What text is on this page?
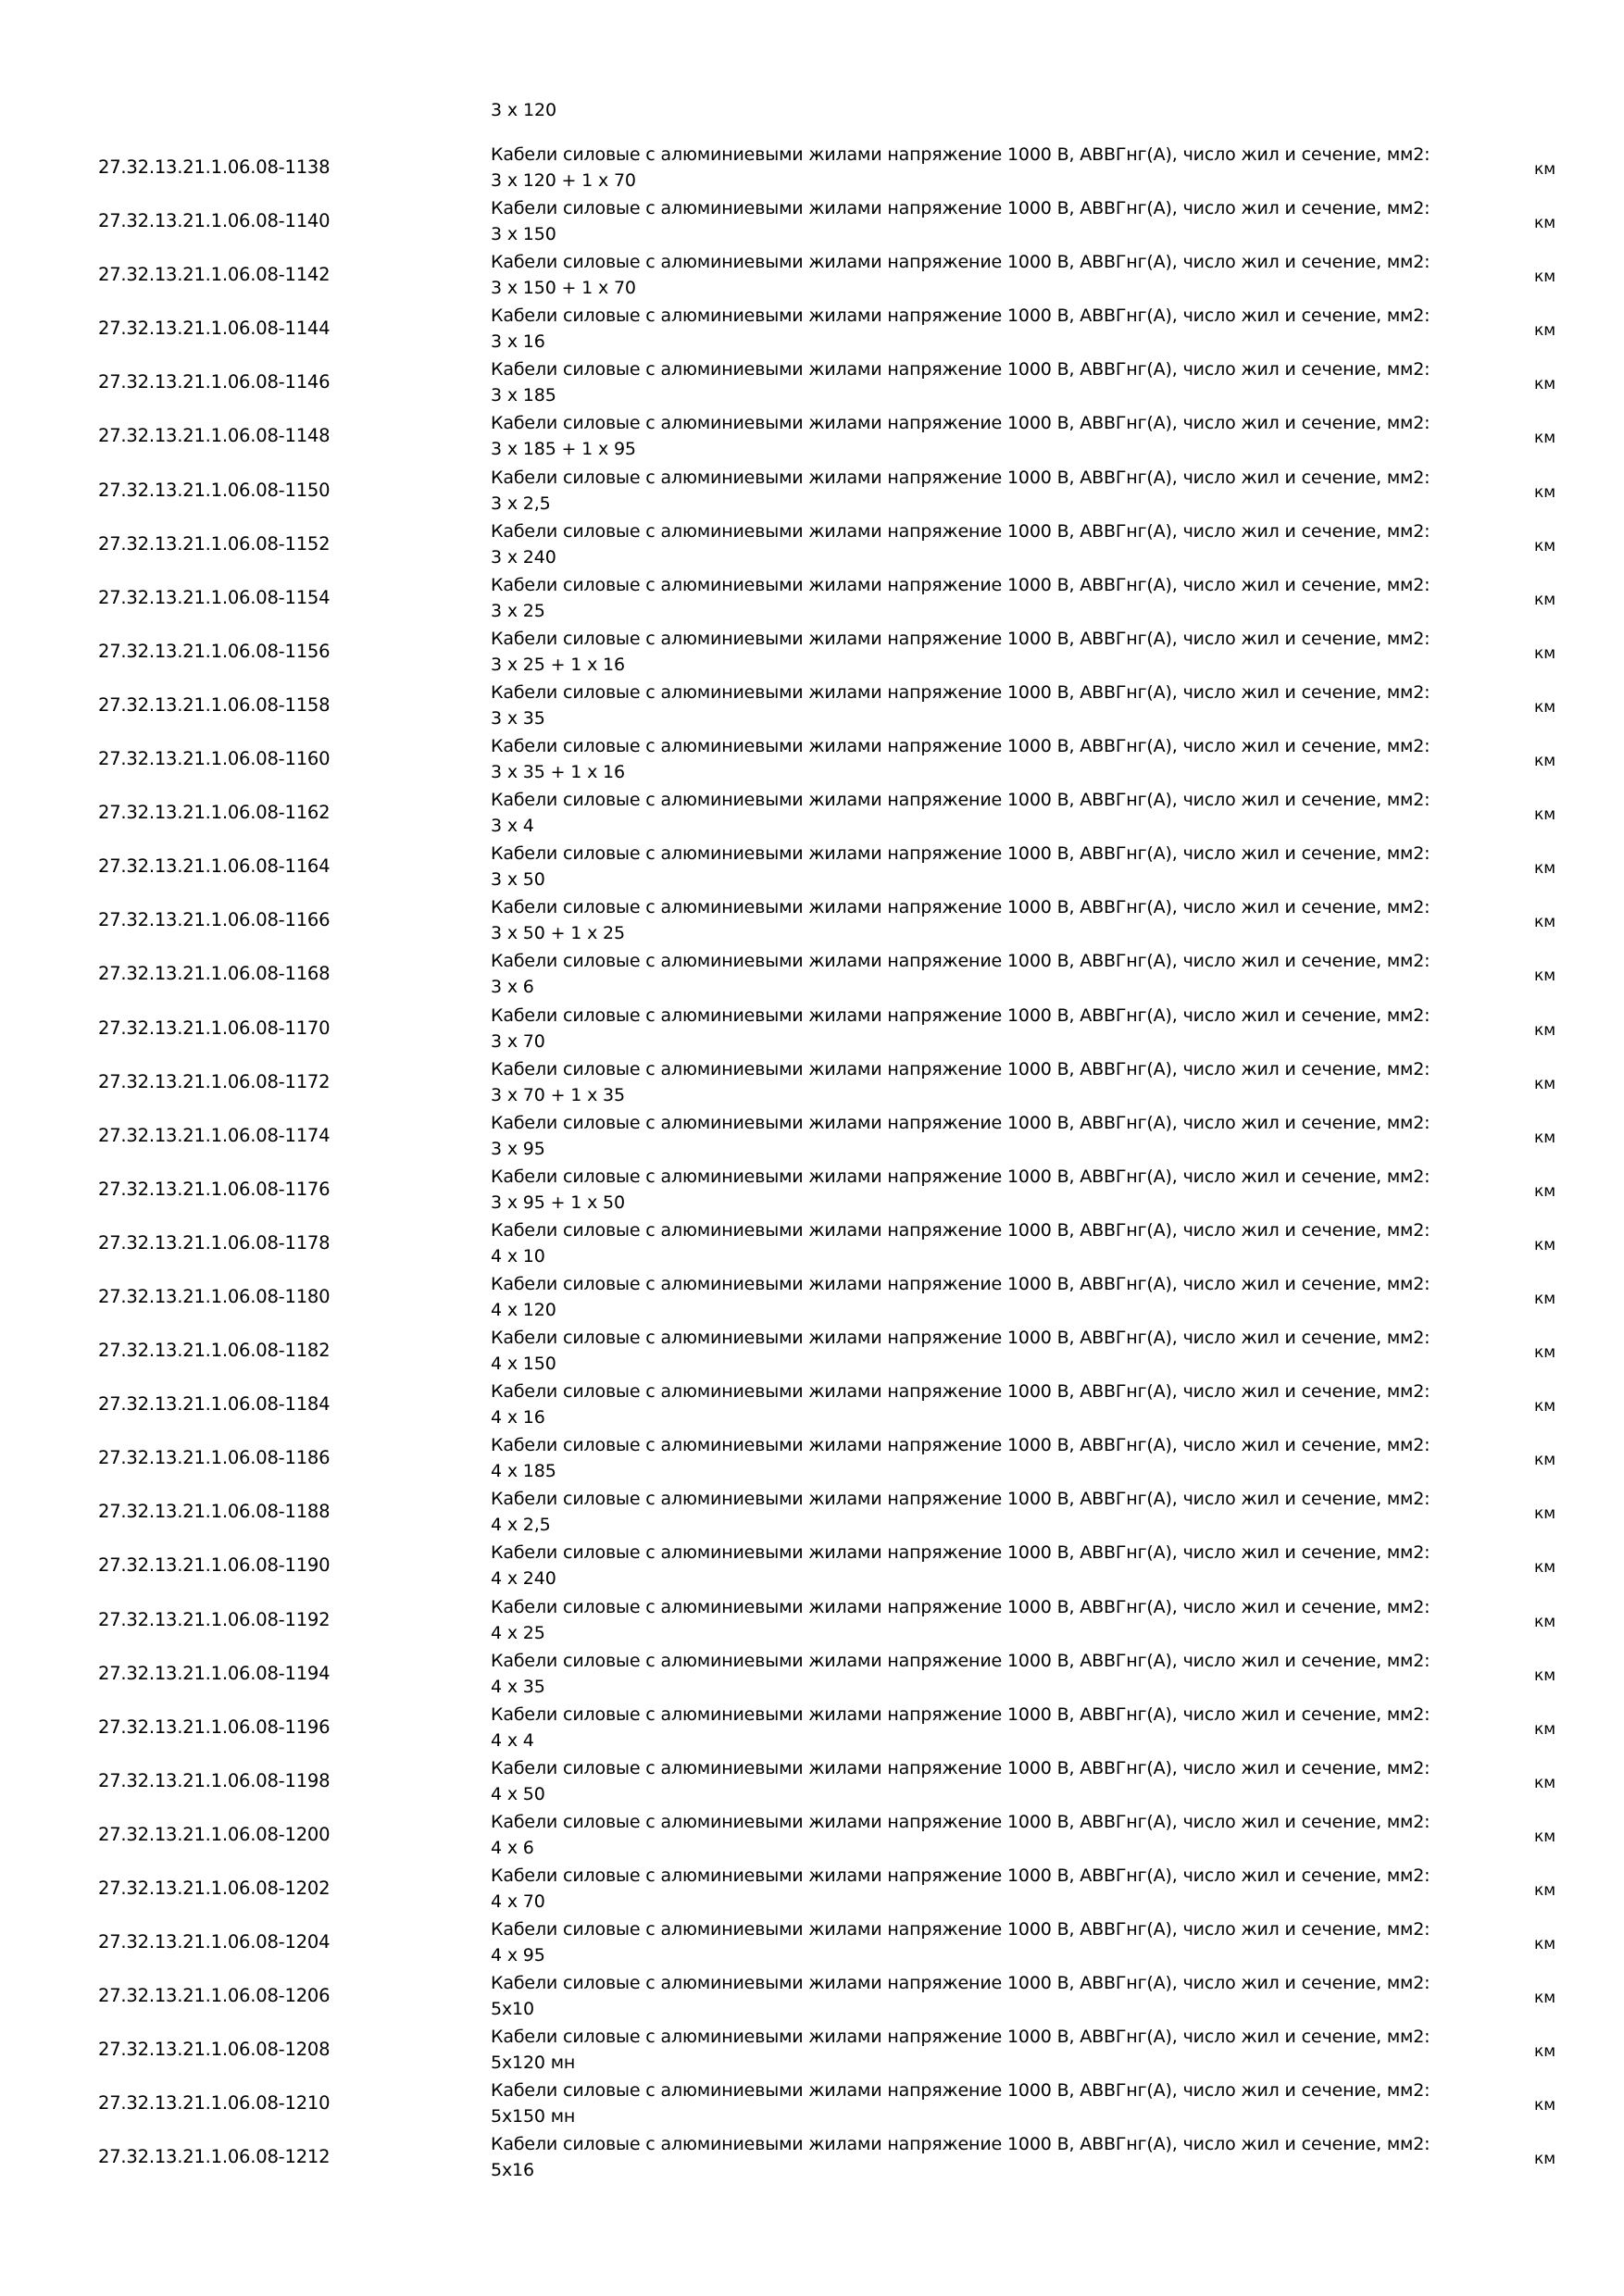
3 x 120
27.32.13.21.1.06.08-1138
Кабели силовые с алюминиевыми жилами напряжение 1000 В, АВВГнг(А), число жил и сечение, мм2:
3 x 120 + 1 x 70
км
27.32.13.21.1.06.08-1140
Кабели силовые с алюминиевыми жилами напряжение 1000 В, АВВГнг(А), число жил и сечение, мм2:
3 x 150
км
27.32.13.21.1.06.08-1142
Кабели силовые с алюминиевыми жилами напряжение 1000 В, АВВГнг(А), число жил и сечение, мм2:
3 x 150 + 1 x 70
км
27.32.13.21.1.06.08-1144
Кабели силовые с алюминиевыми жилами напряжение 1000 В, АВВГнг(А), число жил и сечение, мм2:
3 x 16
км
27.32.13.21.1.06.08-1146
Кабели силовые с алюминиевыми жилами напряжение 1000 В, АВВГнг(А), число жил и сечение, мм2:
3 x 185
км
27.32.13.21.1.06.08-1148
Кабели силовые с алюминиевыми жилами напряжение 1000 В, АВВГнг(А), число жил и сечение, мм2:
3 x 185 + 1 x 95
км
27.32.13.21.1.06.08-1150
Кабели силовые с алюминиевыми жилами напряжение 1000 В, АВВГнг(А), число жил и сечение, мм2:
3 x 2,5
км
27.32.13.21.1.06.08-1152
Кабели силовые с алюминиевыми жилами напряжение 1000 В, АВВГнг(А), число жил и сечение, мм2:
3 x 240
км
27.32.13.21.1.06.08-1154
Кабели силовые с алюминиевыми жилами напряжение 1000 В, АВВГнг(А), число жил и сечение, мм2:
3 x 25
км
27.32.13.21.1.06.08-1156
Кабели силовые с алюминиевыми жилами напряжение 1000 В, АВВГнг(А), число жил и сечение, мм2:
3 x 25 + 1 x 16
км
27.32.13.21.1.06.08-1158
Кабели силовые с алюминиевыми жилами напряжение 1000 В, АВВГнг(А), число жил и сечение, мм2:
3 x 35
км
27.32.13.21.1.06.08-1160
Кабели силовые с алюминиевыми жилами напряжение 1000 В, АВВГнг(А), число жил и сечение, мм2:
3 x 35 + 1 x 16
км
27.32.13.21.1.06.08-1162
Кабели силовые с алюминиевыми жилами напряжение 1000 В, АВВГнг(А), число жил и сечение, мм2:
3 x 4
км
27.32.13.21.1.06.08-1164
Кабели силовые с алюминиевыми жилами напряжение 1000 В, АВВГнг(А), число жил и сечение, мм2:
3 x 50
км
27.32.13.21.1.06.08-1166
Кабели силовые с алюминиевыми жилами напряжение 1000 В, АВВГнг(А), число жил и сечение, мм2:
3 x 50 + 1 x 25
км
27.32.13.21.1.06.08-1168
Кабели силовые с алюминиевыми жилами напряжение 1000 В, АВВГнг(А), число жил и сечение, мм2:
3 x 6
км
27.32.13.21.1.06.08-1170
Кабели силовые с алюминиевыми жилами напряжение 1000 В, АВВГнг(А), число жил и сечение, мм2:
3 x 70
км
27.32.13.21.1.06.08-1172
Кабели силовые с алюминиевыми жилами напряжение 1000 В, АВВГнг(А), число жил и сечение, мм2:
3 x 70 + 1 x 35
км
27.32.13.21.1.06.08-1174
Кабели силовые с алюминиевыми жилами напряжение 1000 В, АВВГнг(А), число жил и сечение, мм2:
3 x 95
км
27.32.13.21.1.06.08-1176
Кабели силовые с алюминиевыми жилами напряжение 1000 В, АВВГнг(А), число жил и сечение, мм2:
3 x 95 + 1 x 50
км
27.32.13.21.1.06.08-1178
Кабели силовые с алюминиевыми жилами напряжение 1000 В, АВВГнг(А), число жил и сечение, мм2:
4 x 10
км
27.32.13.21.1.06.08-1180
Кабели силовые с алюминиевыми жилами напряжение 1000 В, АВВГнг(А), число жил и сечение, мм2:
4 x 120
км
27.32.13.21.1.06.08-1182
Кабели силовые с алюминиевыми жилами напряжение 1000 В, АВВГнг(А), число жил и сечение, мм2:
4 x 150
км
27.32.13.21.1.06.08-1184
Кабели силовые с алюминиевыми жилами напряжение 1000 В, АВВГнг(А), число жил и сечение, мм2:
4 x 16
км
27.32.13.21.1.06.08-1186
Кабели силовые с алюминиевыми жилами напряжение 1000 В, АВВГнг(А), число жил и сечение, мм2:
4 x 185
км
27.32.13.21.1.06.08-1188
Кабели силовые с алюминиевыми жилами напряжение 1000 В, АВВГнг(А), число жил и сечение, мм2:
4 x 2,5
км
27.32.13.21.1.06.08-1190
Кабели силовые с алюминиевыми жилами напряжение 1000 В, АВВГнг(А), число жил и сечение, мм2:
4 x 240
км
27.32.13.21.1.06.08-1192
Кабели силовые с алюминиевыми жилами напряжение 1000 В, АВВГнг(А), число жил и сечение, мм2:
4 x 25
км
27.32.13.21.1.06.08-1194
Кабели силовые с алюминиевыми жилами напряжение 1000 В, АВВГнг(А), число жил и сечение, мм2:
4 x 35
км
27.32.13.21.1.06.08-1196
Кабели силовые с алюминиевыми жилами напряжение 1000 В, АВВГнг(А), число жил и сечение, мм2:
4 x 4
км
27.32.13.21.1.06.08-1198
Кабели силовые с алюминиевыми жилами напряжение 1000 В, АВВГнг(А), число жил и сечение, мм2:
4 x 50
км
27.32.13.21.1.06.08-1200
Кабели силовые с алюминиевыми жилами напряжение 1000 В, АВВГнг(А), число жил и сечение, мм2:
4 x 6
км
27.32.13.21.1.06.08-1202
Кабели силовые с алюминиевыми жилами напряжение 1000 В, АВВГнг(А), число жил и сечение, мм2:
4 x 70
км
27.32.13.21.1.06.08-1204
Кабели силовые с алюминиевыми жилами напряжение 1000 В, АВВГнг(А), число жил и сечение, мм2:
4 x 95
км
27.32.13.21.1.06.08-1206
Кабели силовые с алюминиевыми жилами напряжение 1000 В, АВВГнг(А), число жил и сечение, мм2:
5x10
км
27.32.13.21.1.06.08-1208
Кабели силовые с алюминиевыми жилами напряжение 1000 В, АВВГнг(А), число жил и сечение, мм2:
5x120 мн
км
27.32.13.21.1.06.08-1210
Кабели силовые с алюминиевыми жилами напряжение 1000 В, АВВГнг(А), число жил и сечение, мм2:
5x150 мн
км
27.32.13.21.1.06.08-1212
Кабели силовые с алюминиевыми жилами напряжение 1000 В, АВВГнг(А), число жил и сечение, мм2:
5x16
км
